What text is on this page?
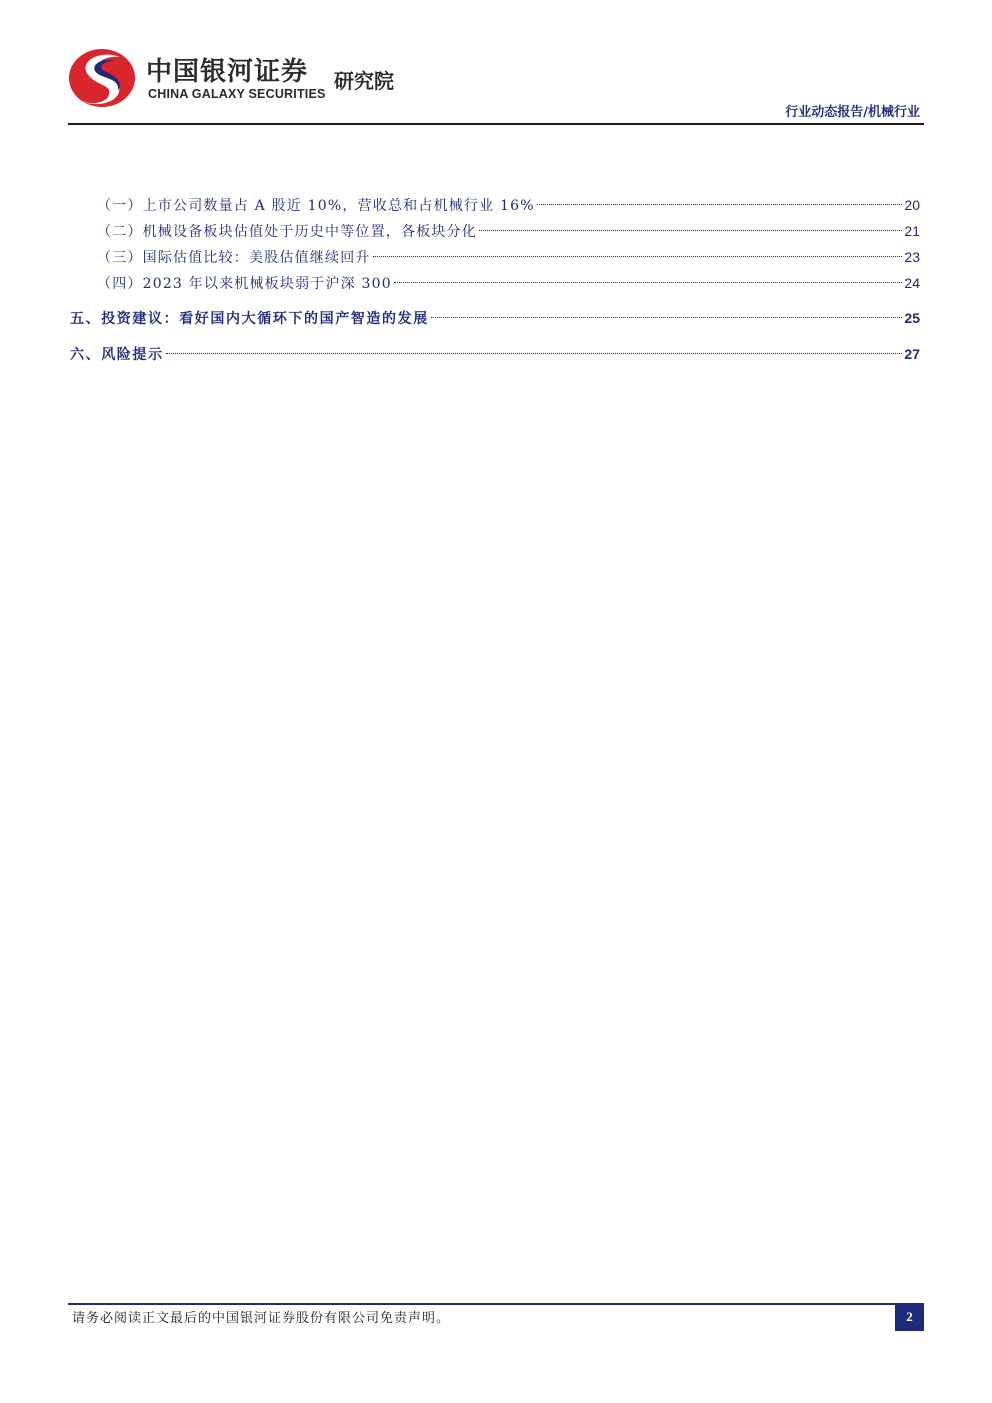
中国银河证券
CHINA GALAXY SECURITIES
研究院
行业动态报告/机械行业
（一）上市公司数量占 A 股近 10%，营收总和占机械行业 16%	20
（二）机械设备板块估值处于历史中等位置，各板块分化	21
（三）国际估值比较：美股估值继续回升	23
（四）2023 年以来机械板块弱于沪深 300	24
五、投资建议：看好国内大循环下的国产智造的发展	25
六、风险提示	27
请务必阅读正文最后的中国银河证券股份有限公司免责声明。	2
